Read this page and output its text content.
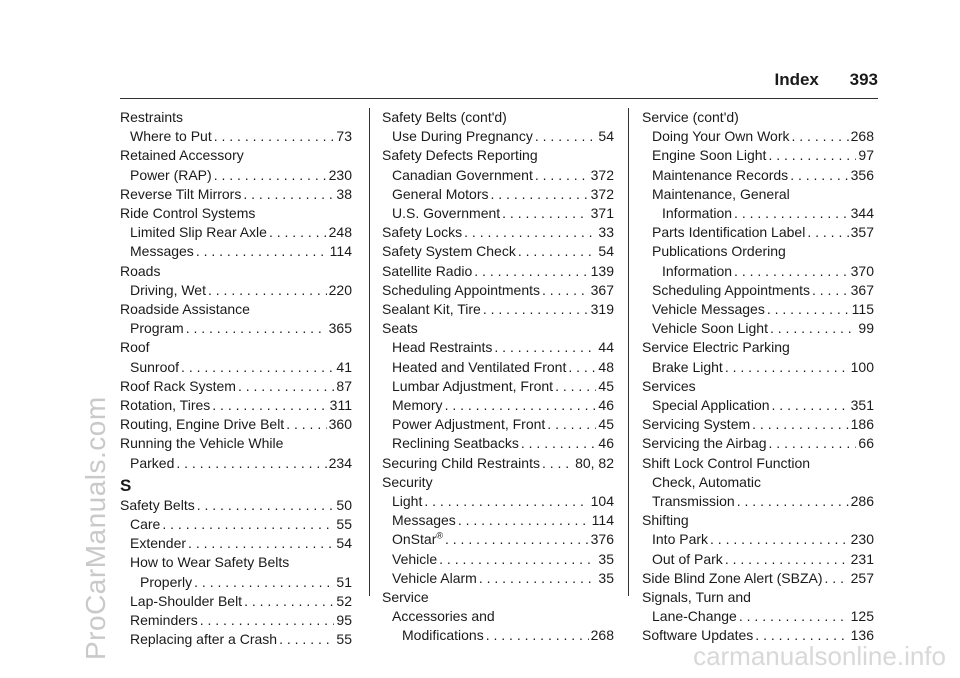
ProCarManuals.com	carmanualsonline.info
Index 393
Restraints
Where to Put . . .	73
Retained Accessory
Power (RAP) . . .	230
Reverse Tilt Mirrors . . .	38
Ride Control Systems
Limited Slip Rear Axle . . .	248
Messages . . .	114
Roads
Driving, Wet . . .	220
Roadside Assistance
Program . . .	365
Roof
Sunroof . . .	41
Roof Rack System . . .	87
Rotation, Tires . . .	311
Routing, Engine Drive Belt . . .	360
Running the Vehicle While
Parked . . .	234
S
Safety Belts . . .	50
Care . . .	55
Extender . . .	54
How to Wear Safety Belts
Properly . . .	51
Lap-Shoulder Belt . . .	52
Reminders . . .	95
Replacing after a Crash . . .	55
Safety Belts (cont'd)
Use During Pregnancy . . .	54
Safety Defects Reporting
Canadian Government . . .	372
General Motors . . .	372
U.S. Government . . .	371
Safety Locks . . .	33
Safety System Check . . .	54
Satellite Radio . . .	139
Scheduling Appointments . . .	367
Sealant Kit, Tire . . .	319
Seats
Head Restraints . . .	44
Heated and Ventilated Front . . . 48
Lumbar Adjustment, Front . . .	45
Memory . . .	46
Power Adjustment, Front . . .	45
Reclining Seatbacks . . .	46
Securing Child Restraints . . .	80, 82
Security
Light . . .	104
Messages . . .	114
OnStar® . . .	376
Vehicle . . .	35
Vehicle Alarm . . .	35
Service
Accessories and
Modifications . . .	268
Service (cont'd)
Doing Your Own Work . . .	268
Engine Soon Light . . .	97
Maintenance Records . . .	356
Maintenance, General
Information . . .	344
Parts Identification Label . . .	357
Publications Ordering
Information . . .	370
Scheduling Appointments . . .	367
Vehicle Messages . . .	115
Vehicle Soon Light . . .	99
Service Electric Parking
Brake Light . . .	100
Services
Special Application . . .	351
Servicing System . . .	186
Servicing the Airbag . . .	66
Shift Lock Control Function
Check, Automatic
Transmission . . .	286
Shifting
Into Park . . .	230
Out of Park . . .	231
Side Blind Zone Alert (SBZA) . . . 257
Signals, Turn and
Lane-Change . . .	125
Software Updates . . .	136
